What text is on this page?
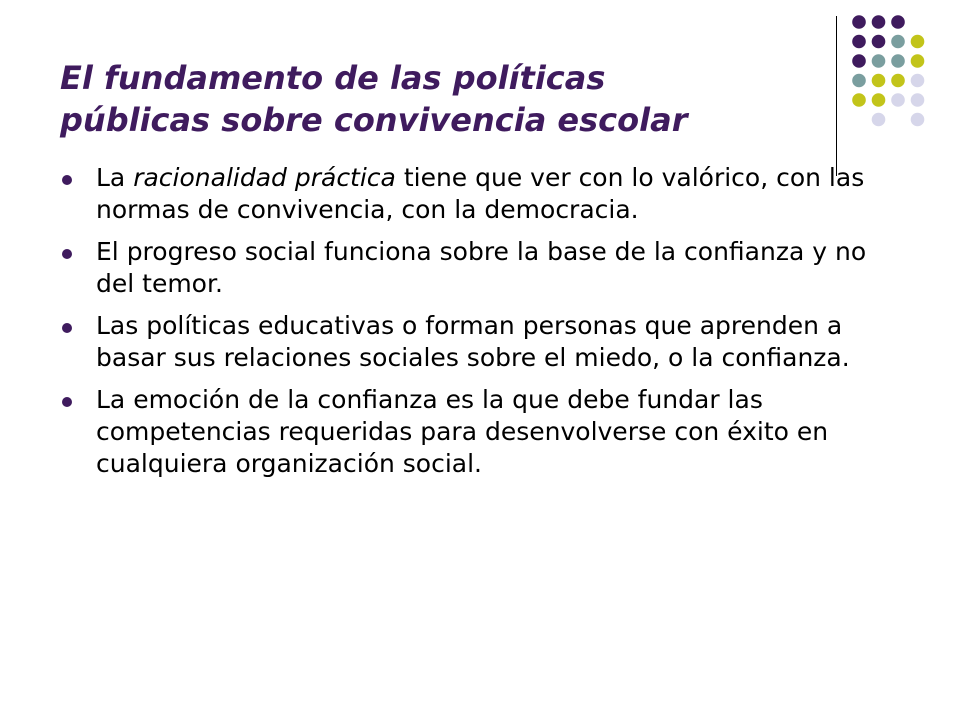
El fundamento de las políticas
públicas sobre convivencia escolar
La racionalidad práctica tiene que ver con lo valórico, con las normas de convivencia, con la democracia.
El progreso social funciona sobre la base de la confianza y no del temor.
Las políticas educativas o forman personas que aprenden a basar sus relaciones sociales sobre el miedo, o la confianza.
La emoción de la confianza es la que debe fundar las competencias requeridas para desenvolverse con éxito en cualquiera organización social.
